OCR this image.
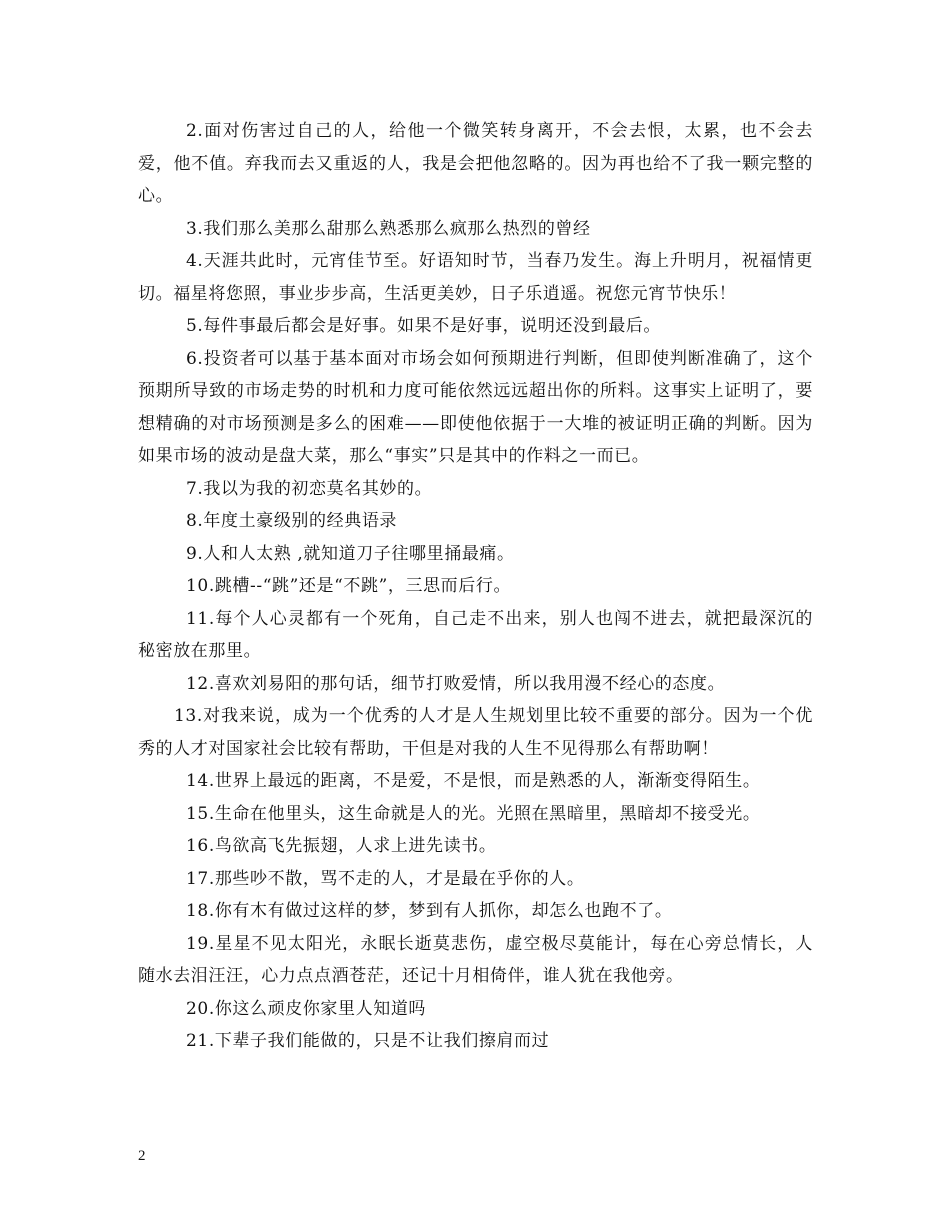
2.面对伤害过自己的人，给他一个微笑转身离开，不会去恨，太累，也不会去爱，他不值。弃我而去又重返的人，我是会把他忽略的。因为再也给不了我一颗完整的心。

3.我们那么美那么甜那么熟悉那么疯那么热烈的曾经

4.天涯共此时，元宵佳节至。好语知时节，当春乃发生。海上升明月，祝福情更切。福星将您照，事业步步高，生活更美妙，日子乐逍遥。祝您元宵节快乐！

5.每件事最后都会是好事。如果不是好事，说明还没到最后。

6.投资者可以基于基本面对市场会如何预期进行判断，但即使判断准确了，这个预期所导致的市场走势的时机和力度可能依然远远超出你的所料。这事实上证明了，要想精确的对市场预测是多么的困难——即使他依据于一大堆的被证明正确的判断。因为如果市场的波动是盘大菜，那么“事实”只是其中的作料之一而已。

7.我以为我的初恋莫名其妙的。

8.年度土豪级别的经典语录

9.人和人太熟 ,就知道刀子往哪里捅最痛。

10.跳槽--“跳”还是“不跳”，三思而后行。

11.每个人心灵都有一个死角，自己走不出来，别人也闯不进去，就把最深沉的秘密放在那里。

12.喜欢刘易阳的那句话，细节打败爱情，所以我用漫不经心的态度。

13.对我来说，成为一个优秀的人才是人生规划里比较不重要的部分。因为一个优秀的人才对国家社会比较有帮助，干但是对我的人生不见得那么有帮助啊！

14.世界上最远的距离，不是爱，不是恨，而是熟悉的人，渐渐变得陌生。

15.生命在他里头，这生命就是人的光。光照在黑暗里，黑暗却不接受光。

16.鸟欲高飞先振翅，人求上进先读书。

17.那些吵不散，骂不走的人，才是最在乎你的人。

18.你有木有做过这样的梦，梦到有人抓你，却怎么也跑不了。

19.星星不见太阳光，永眠长逝莫悲伤，虚空极尽莫能计，每在心旁总情长，人随水去泪汪汪，心力点点酒苍茫，还记十月相倚伴，谁人犹在我他旁。

20.你这么顽皮你家里人知道吗

21.下辈子我们能做的，只是不让我们擦肩而过

2
